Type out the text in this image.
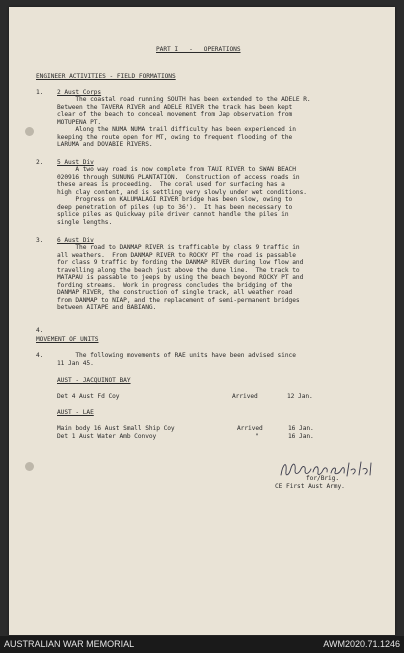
PART I   -   OPERATIONS
ENGINEER ACTIVITIES - FIELD FORMATIONS
1. 2 Aust Corps
The coastal road running SOUTH has been extended to the ADELE R.
Between the TAVERA RIVER and ADELE RIVER the track has been kept
clear of the beach to conceal movement from Jap observation from
MOTUPENA PT.
Along the NUMA NUMA trail difficulty has been experienced in
keeping the route open for MT, owing to frequent flooding of the
LARUMA and DOVABIE RIVERS.
2. 5 Aust Div
A two way road is now complete from TAUI RIVER to SWAN BEACH
020916 through SUNUNG PLANTATION.  Construction of access roads in
these areas is proceeding.  The coral used for surfacing has a
high clay content, and is settling very slowly under wet conditions.
Progress on KALUMALAGI RIVER bridge has been slow, owing to
deep penetration of piles (up to 36').  It has been necessary to
splice piles as Quickway pile driver cannot handle the piles in
single lengths.
3. 6 Aust Div
The road to DANMAP RIVER is trafficable by class 9 traffic in
all weathers.  From DANMAP RIVER to ROCKY PT the road is passable
for class 9 traffic by fording the DANMAP RIVER during low flow and
travelling along the beach just above the dune line.  The track to
MATAPAU is passable to jeeps by using the beach beyond ROCKY PT and
fording streams.  Work in progress concludes the bridging of the
DANMAP RIVER, the construction of single track, all weather road
from DANMAP to NIAP, and the replacement of semi-permanent bridges
between AITAPE and BABIANG.
4.
MOVEMENT OF UNITS
4. The following movements of RAE units have been advised since
11 Jan 45.
AUST - JACQUINOT BAY
Det 4 Aust Fd Coy	Arrived	12 Jan.
AUST - LAE
Main body 16 Aust Small Ship Coy	Arrived	16 Jan.
Det 1 Aust Water Amb Convoy	"	16 Jan.
for/Brig.
CE First Aust Army.
AUSTRALIAN WAR MEMORIAL	AWM2020.71.1246
